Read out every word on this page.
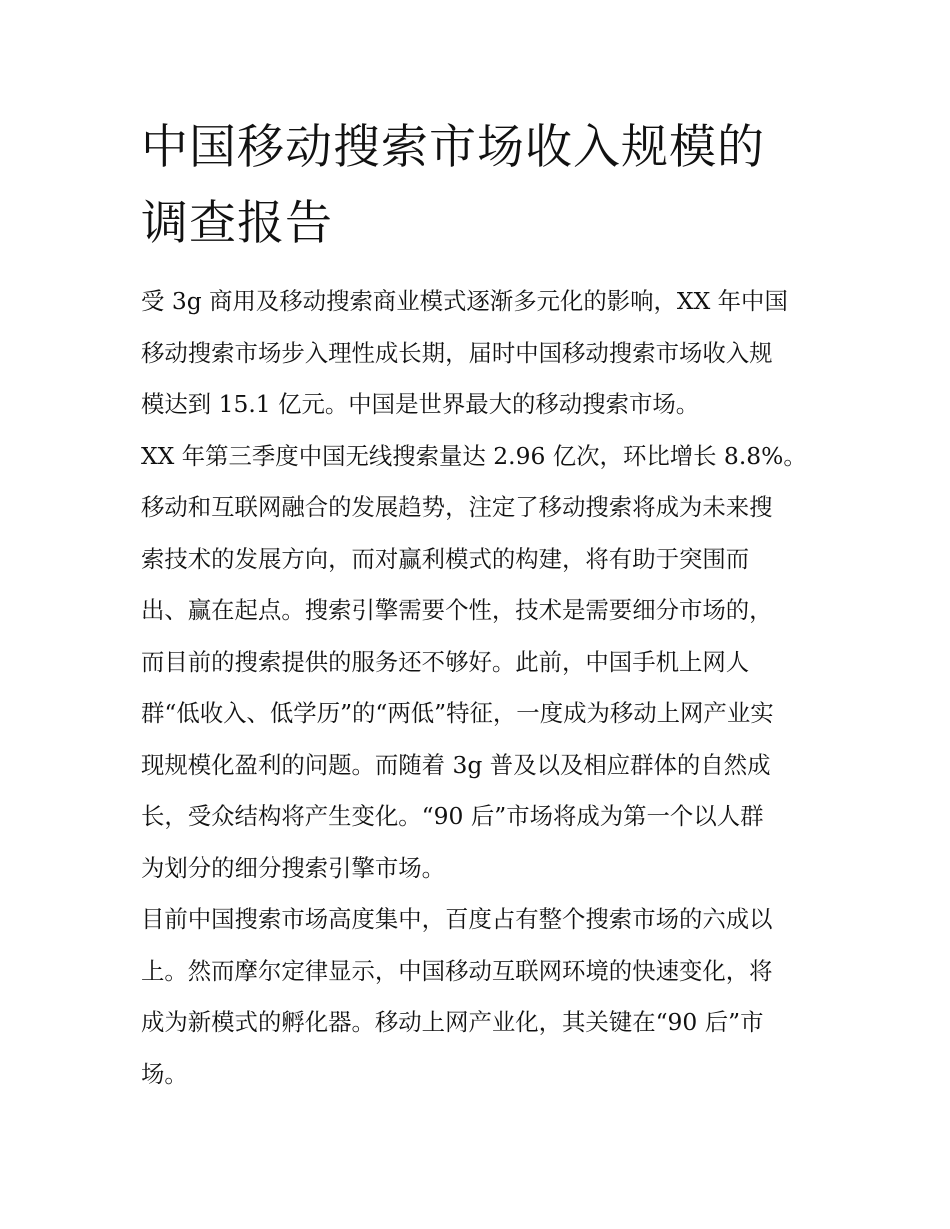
中国移动搜索市场收入规模的
调查报告

受 3g 商用及移动搜索商业模式逐渐多元化的影响，XX 年中国
移动搜索市场步入理性成长期，届时中国移动搜索市场收入规
模达到 15.1 亿元。中国是世界最大的移动搜索市场。

XX 年第三季度中国无线搜索量达 2.96 亿次，环比增长 8.8%。
移动和互联网融合的发展趋势，注定了移动搜索将成为未来搜
索技术的发展方向，而对赢利模式的构建，将有助于突围而
出、赢在起点。搜索引擎需要个性，技术是需要细分市场的，
而目前的搜索提供的服务还不够好。此前，中国手机上网人
群“低收入、低学历”的“两低”特征，一度成为移动上网产业实
现规模化盈利的问题。而随着 3g 普及以及相应群体的自然成
长，受众结构将产生变化。“90 后”市场将成为第一个以人群
为划分的细分搜索引擎市场。

目前中国搜索市场高度集中，百度占有整个搜索市场的六成以
上。然而摩尔定律显示，中国移动互联网环境的快速变化，将
成为新模式的孵化器。移动上网产业化，其关键在“90 后”市
场。
